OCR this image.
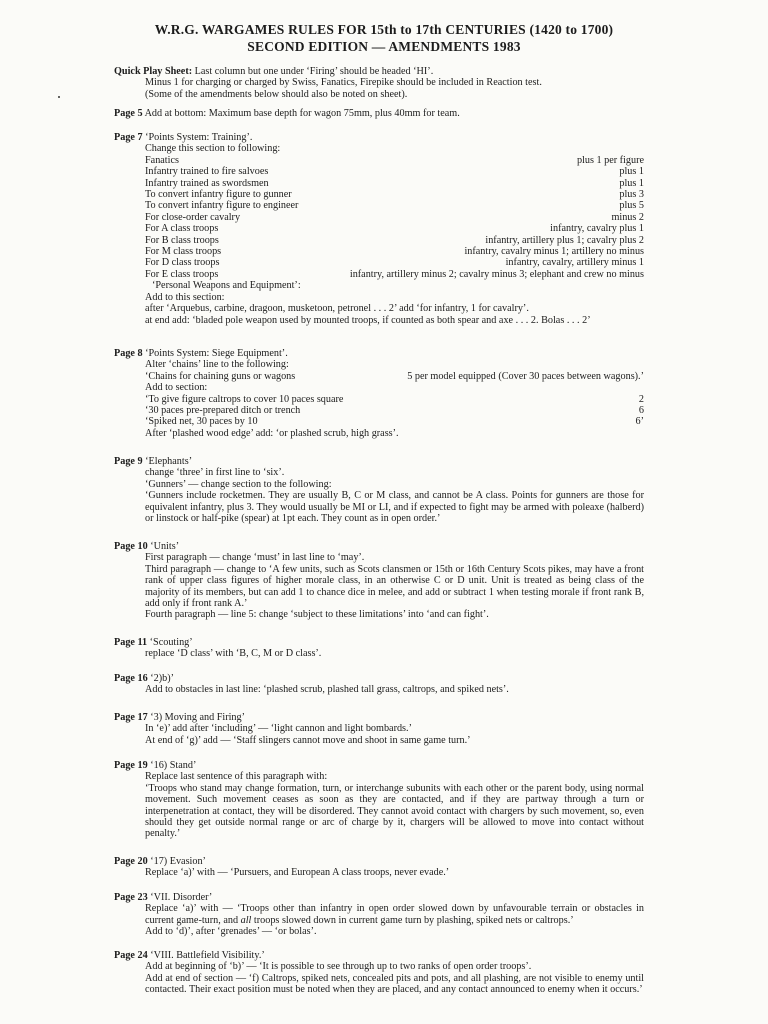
W.R.G. WARGAMES RULES FOR 15th to 17th CENTURIES (1420 to 1700)
SECOND EDITION — AMENDMENTS 1983
Quick Play Sheet: Last column but one under ‘Firing’ should be headed ‘HI’.
Minus 1 for charging or charged by Swiss, Fanatics, Firepike should be included in Reaction test.
(Some of the amendments below should also be noted on sheet).
Page 5 Add at bottom: Maximum base depth for wagon 75mm, plus 40mm for team.
Page 7 ‘Points System: Training’.
Change this section to following:
Fanatics	plus 1 per figure
Infantry trained to fire salvoes	plus 1
Infantry trained as swordsmen	plus 1
To convert infantry figure to gunner	plus 3
To convert infantry figure to engineer	plus 5
For close-order cavalry	minus 2
For A class troops	infantry, cavalry plus 1
For B class troops	infantry, artillery plus 1; cavalry plus 2
For M class troops	infantry, cavalry minus 1; artillery no minus
For D class troops	infantry, cavalry, artillery minus 1
For E class troops	infantry, artillery minus 2; cavalry minus 3; elephant and crew no minus
‘Personal Weapons and Equipment’:
Add to this section:
after ‘Arquebus, carbine, dragoon, musketoon, petronel . . . 2’ add ‘for infantry, 1 for cavalry’.
at end add: ‘bladed pole weapon used by mounted troops, if counted as both spear and axe . . . 2. Bolas . . . 2’
Page 8 ‘Points System: Siege Equipment’.
Alter ‘chains’ line to the following:
‘Chains for chaining guns or wagons	5 per model equipped (Cover 30 paces between wagons).’
Add to section:
‘To give figure caltrops to cover 10 paces square	2
‘30 paces pre-prepared ditch or trench	6
‘Spiked net, 30 paces by 10	6’
After ‘plashed wood edge’ add: ‘or plashed scrub, high grass’.
Page 9 ‘Elephants’
change ‘three’ in first line to ‘six’.
‘Gunners’ — change section to the following:
‘Gunners include rocketmen. They are usually B, C or M class, and cannot be A class. Points for gunners are those for equivalent infantry, plus 3. They would usually be MI or LI, and if expected to fight may be armed with poleaxe (halberd) or linstock or half-pike (spear) at 1pt each. They count as in open order.’
Page 10 ‘Units’
First paragraph — change ‘must’ in last line to ‘may’.
Third paragraph — change to ‘A few units, such as Scots clansmen or 15th or 16th Century Scots pikes, may have a front rank of upper class figures of higher morale class, in an otherwise C or D unit. Unit is treated as being class of the majority of its members, but can add 1 to chance dice in melee, and add or subtract 1 when testing morale if front rank B, add only if front rank A.’
Fourth paragraph — line 5: change ‘subject to these limitations’ into ‘and can fight’.
Page 11 ‘Scouting’
replace ‘D class’ with ‘B, C, M or D class’.
Page 16 ‘2)b)’
Add to obstacles in last line: ‘plashed scrub, plashed tall grass, caltrops, and spiked nets’.
Page 17 ‘3) Moving and Firing’
In ‘e)’ add after ‘including’ — ‘light cannon and light bombards.’
At end of ‘g)’ add — ‘Staff slingers cannot move and shoot in same game turn.’
Page 19 ‘16) Stand’
Replace last sentence of this paragraph with:
‘Troops who stand may change formation, turn, or interchange subunits with each other or the parent body, using normal movement. Such movement ceases as soon as they are contacted, and if they are partway through a turn or interpenetration at contact, they will be disordered. They cannot avoid contact with chargers by such movement, so, even should they get outside normal range or arc of charge by it, chargers will be allowed to move into contact without penalty.’
Page 20 ‘17) Evasion’
Replace ‘a)’ with — ‘Pursuers, and European A class troops, never evade.’
Page 23 ‘VII. Disorder’
Replace ‘a)’ with — ‘Troops other than infantry in open order slowed down by unfavourable terrain or obstacles in current game-turn, and all troops slowed down in current game turn by plashing, spiked nets or caltrops.’
Add to ‘d)’, after ‘grenades’ — ‘or bolas’.
Page 24 ‘VIII. Battlefield Visibility.’
Add at beginning of ‘b)’ — ‘It is possible to see through up to two ranks of open order troops’.
Add at end of section — ‘f) Caltrops, spiked nets, concealed pits and pots, and all plashing, are not visible to enemy until contacted. Their exact position must be noted when they are placed, and any contact announced to enemy when it occurs.’
